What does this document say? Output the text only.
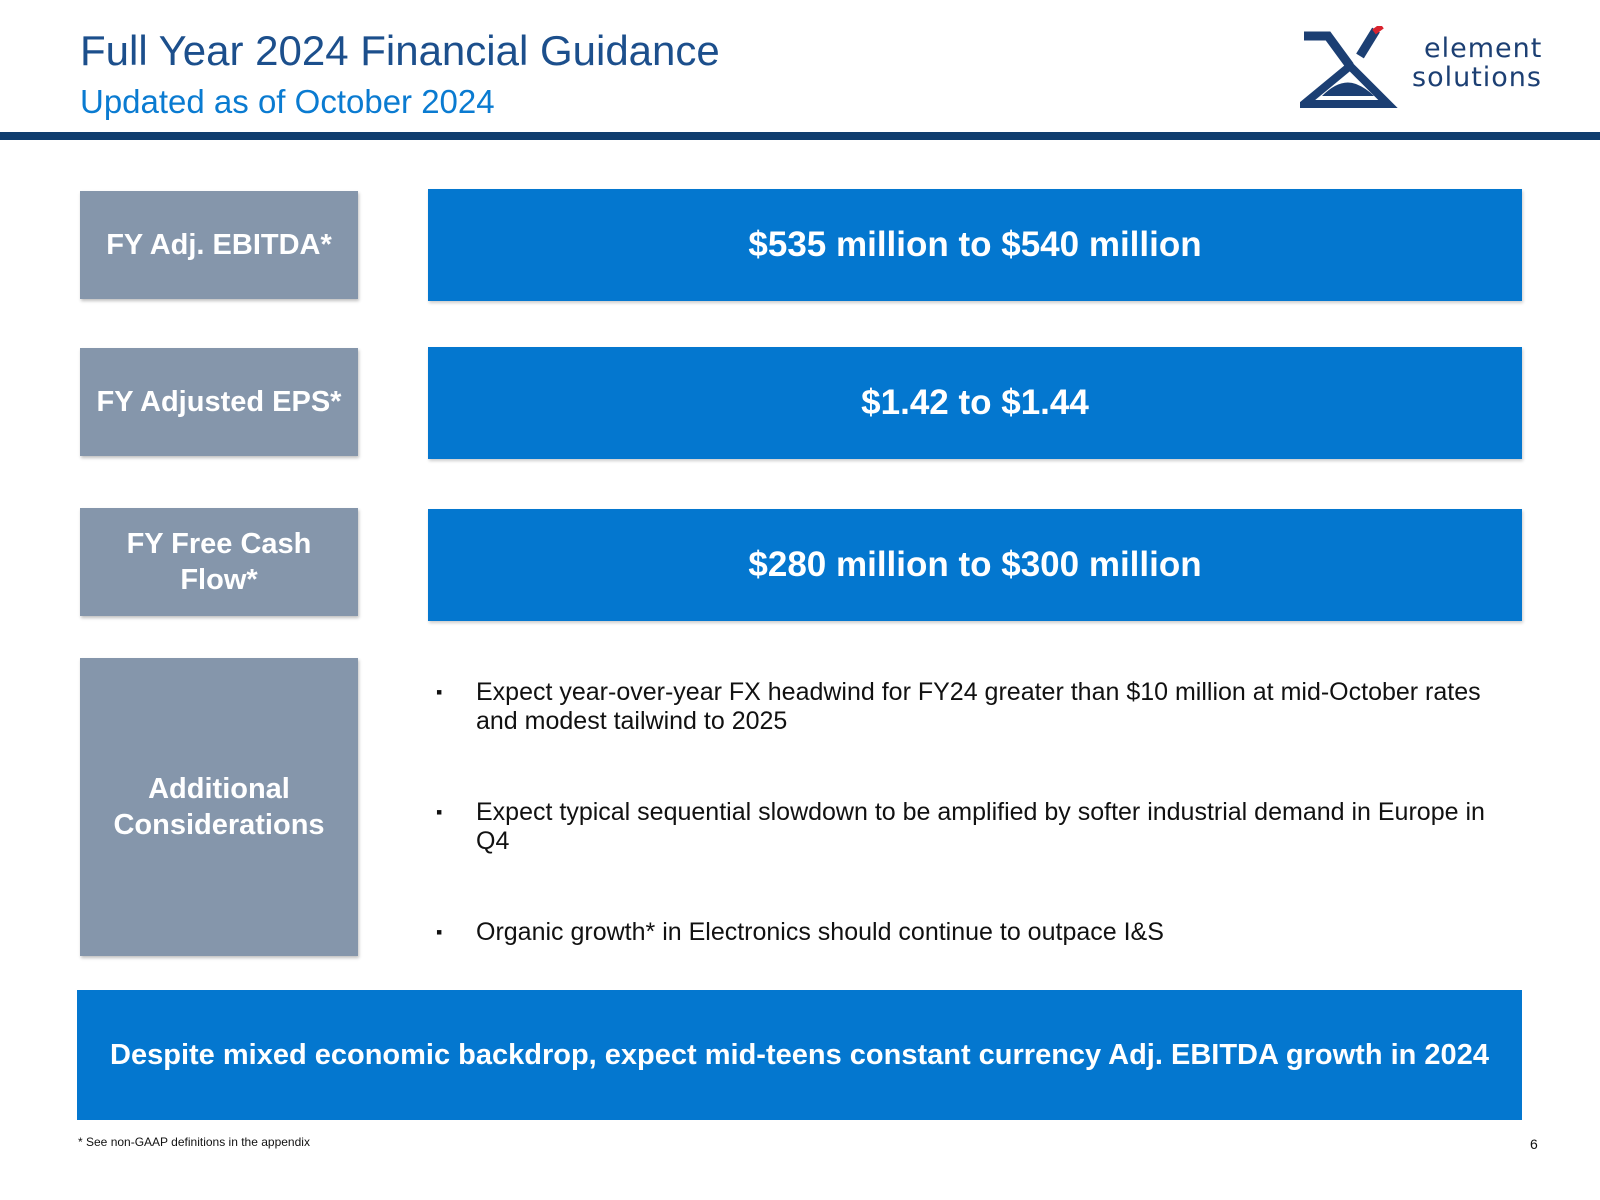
Full Year 2024 Financial Guidance
Updated as of October 2024
element
solutions
FY Adj. EBITDA*	$535 million to $540 million
FY Adjusted EPS*	$1.42 to $1.44
FY Free Cash Flow*	$280 million to $300 million
Additional Considerations
▪ Expect year-over-year FX headwind for FY24 greater than $10 million at mid-October rates and modest tailwind to 2025
▪ Expect typical sequential slowdown to be amplified by softer industrial demand in Europe in Q4
▪ Organic growth* in Electronics should continue to outpace I&S
Despite mixed economic backdrop, expect mid-teens constant currency Adj. EBITDA growth in 2024
* See non-GAAP definitions in the appendix	6
